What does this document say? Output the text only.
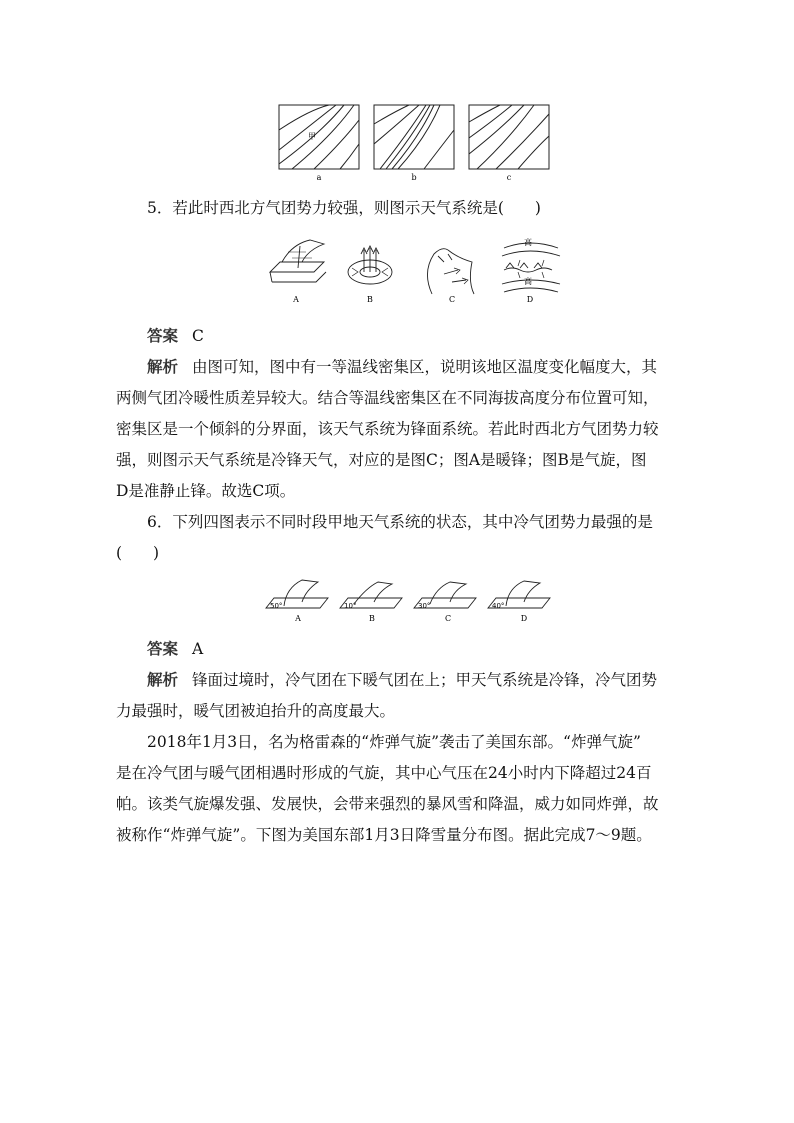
甲
a	b	c
5．若此时西北方气团势力较强，则图示天气系统是(　　)
A	B	C
高
高
D
答案 C
解析 由图可知，图中有一等温线密集区，说明该地区温度变化幅度大，其
两侧气团冷暖性质差异较大。结合等温线密集区在不同海拔高度分布位置可知，
密集区是一个倾斜的分界面，该天气系统为锋面系统。若此时西北方气团势力较
强，则图示天气系统是冷锋天气，对应的是图C；图A是暖锋；图B是气旋，图
D是准静止锋。故选C项。
6．下列四图表示不同时段甲地天气系统的状态，其中冷气团势力最强的是
(　　)
50°	10°	30°	40°
A	B	C	D
答案 A
解析 锋面过境时，冷气团在下暖气团在上；甲天气系统是冷锋，冷气团势
力最强时，暖气团被迫抬升的高度最大。
2018年1月3日，名为格雷森的“炸弹气旋”袭击了美国东部。“炸弹气旋”
是在冷气团与暖气团相遇时形成的气旋，其中心气压在24小时内下降超过24百
帕。该类气旋爆发强、发展快，会带来强烈的暴风雪和降温，威力如同炸弹，故
被称作“炸弹气旋”。下图为美国东部1月3日降雪量分布图。据此完成7～9题。
